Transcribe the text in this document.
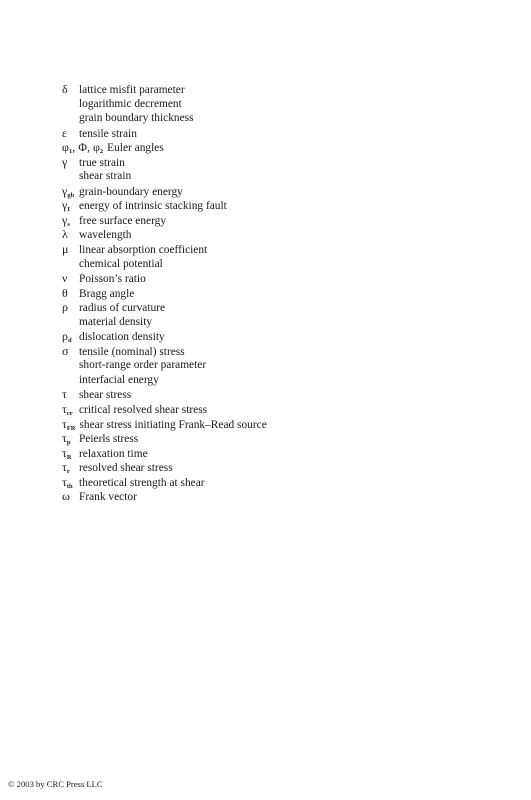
δ lattice misfit parameter
logarithmic decrement
grain boundary thickness
ε tensile strain
$\varphi_1$, Φ, $\varphi_2$ Euler angles
γ true strain
shear strain
$\gamma_{gb}$ grain-boundary energy
$\gamma_I$ energy of intrinsic stacking fault
$\gamma_s$ free surface energy
λ wavelength
μ linear absorption coefficient
chemical potential
ν Poisson’s ratio
θ Bragg angle
ρ radius of curvature
material density
$\rho_d$ dislocation density
σ tensile (nominal) stress
short-range order parameter
interfacial energy
τ shear stress
$\tau_{cr}$ critical resolved shear stress
$\tau_{FR}$ shear stress initiating Frank–Read source
$\tau_p$ Peierls stress
$\tau_R$ relaxation time
$\tau_r$ resolved shear stress
$\tau_{th}$ theoretical strength at shear
ω Frank vector
© 2003 by CRC Press LLC
